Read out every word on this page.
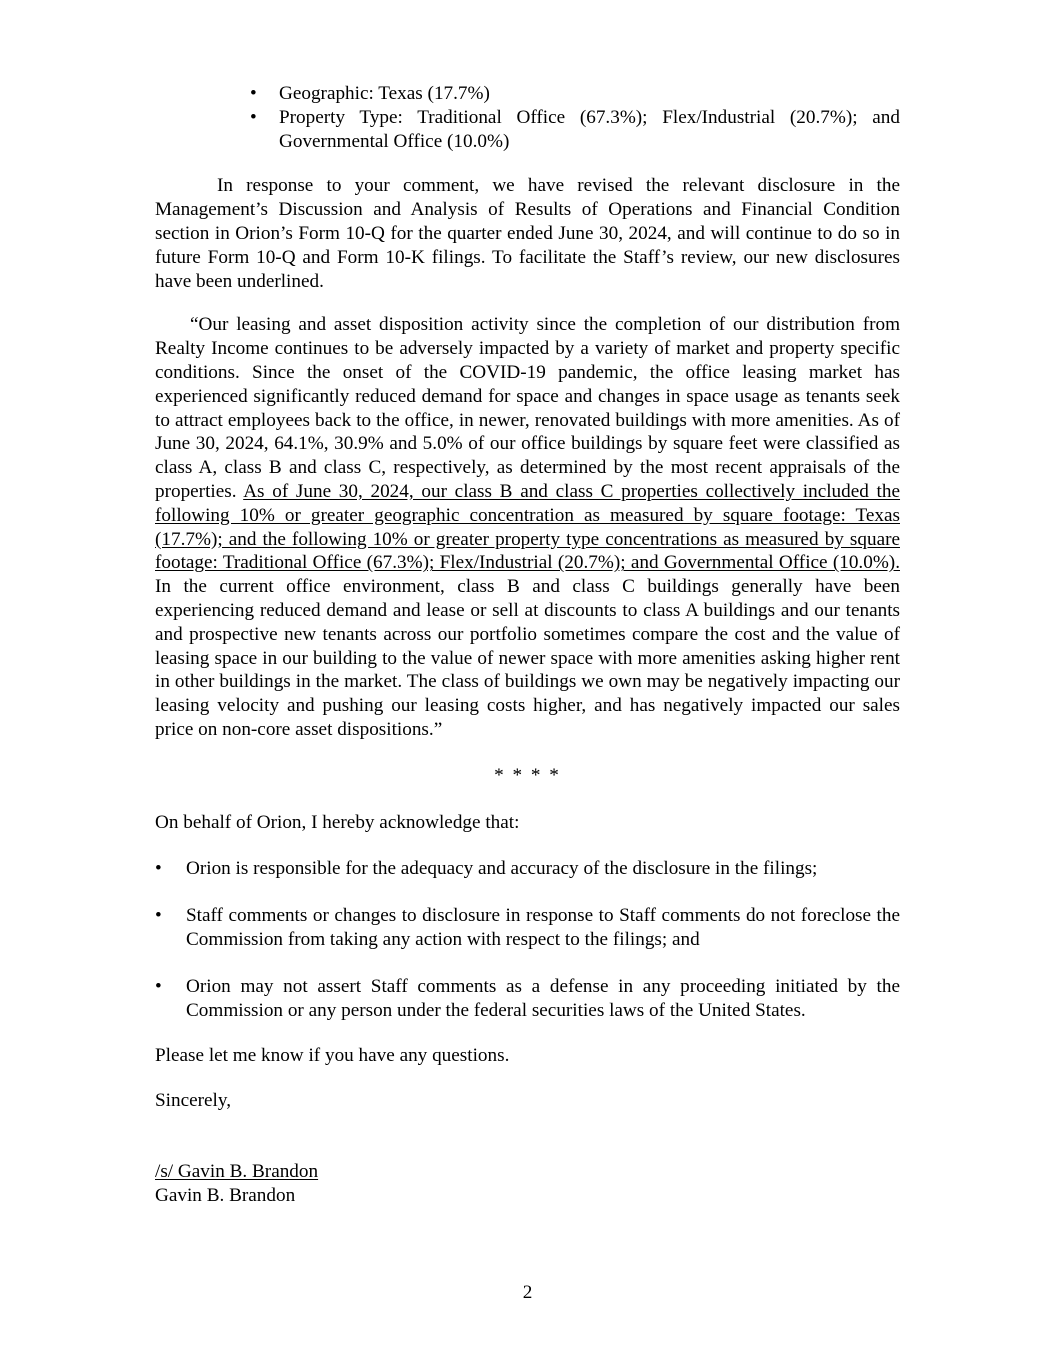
• Geographic: Texas (17.7%)
• Property Type: Traditional Office (67.3%); Flex/Industrial (20.7%); and Governmental Office (10.0%)

In response to your comment, we have revised the relevant disclosure in the Management’s Discussion and Analysis of Results of Operations and Financial Condition section in Orion’s Form 10-Q for the quarter ended June 30, 2024, and will continue to do so in future Form 10-Q and Form 10-K filings. To facilitate the Staff’s review, our new disclosures have been underlined.

“Our leasing and asset disposition activity since the completion of our distribution from Realty Income continues to be adversely impacted by a variety of market and property specific conditions. Since the onset of the COVID-19 pandemic, the office leasing market has experienced significantly reduced demand for space and changes in space usage as tenants seek to attract employees back to the office, in newer, renovated buildings with more amenities. As of June 30, 2024, 64.1%, 30.9% and 5.0% of our office buildings by square feet were classified as class A, class B and class C, respectively, as determined by the most recent appraisals of the properties. As of June 30, 2024, our class B and class C properties collectively included the following 10% or greater geographic concentration as measured by square footage: Texas (17.7%); and the following 10% or greater property type concentrations as measured by square footage: Traditional Office (67.3%); Flex/Industrial (20.7%); and Governmental Office (10.0%). In the current office environment, class B and class C buildings generally have been experiencing reduced demand and lease or sell at discounts to class A buildings and our tenants and prospective new tenants across our portfolio sometimes compare the cost and the value of leasing space in our building to the value of newer space with more amenities asking higher rent in other buildings in the market. The class of buildings we own may be negatively impacting our leasing velocity and pushing our leasing costs higher, and has negatively impacted our sales price on non-core asset dispositions.”

* * * *

On behalf of Orion, I hereby acknowledge that:

• Orion is responsible for the adequacy and accuracy of the disclosure in the filings;
• Staff comments or changes to disclosure in response to Staff comments do not foreclose the Commission from taking any action with respect to the filings; and
• Orion may not assert Staff comments as a defense in any proceeding initiated by the Commission or any person under the federal securities laws of the United States.

Please let me know if you have any questions.

Sincerely,

/s/ Gavin B. Brandon
Gavin B. Brandon
2
